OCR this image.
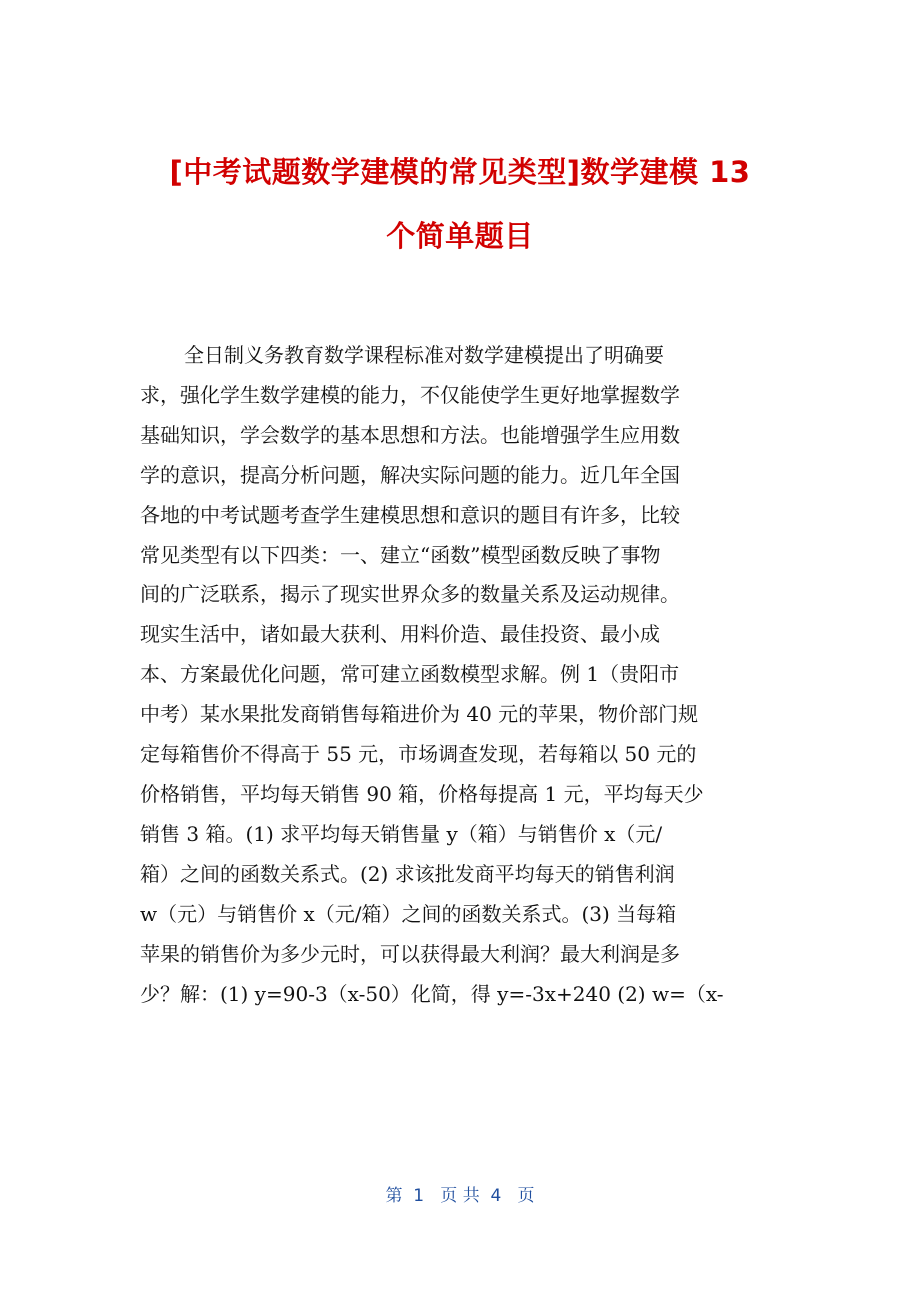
[中考试题数学建模的常见类型]数学建模 13
个简单题目
全日制义务教育数学课程标准对数学建模提出了明确要
求，强化学生数学建模的能力，不仅能使学生更好地掌握数学
基础知识，学会数学的基本思想和方法。也能增强学生应用数
学的意识，提高分析问题，解决实际问题的能力。近几年全国
各地的中考试题考查学生建模思想和意识的题目有许多，比较
常见类型有以下四类：一、建立“函数”模型函数反映了事物
间的广泛联系，揭示了现实世界众多的数量关系及运动规律。
现实生活中，诸如最大获利、用料价造、最佳投资、最小成
本、方案最优化问题，常可建立函数模型求解。例 1（贵阳市
中考）某水果批发商销售每箱进价为 40 元的苹果，物价部门规
定每箱售价不得高于 55 元，市场调查发现，若每箱以 50 元的
价格销售，平均每天销售 90 箱，价格每提高 1 元，平均每天少
销售 3 箱。(1) 求平均每天销售量 y（箱）与销售价 x（元/
箱）之间的函数关系式。(2) 求该批发商平均每天的销售利润
w（元）与销售价 x（元/箱）之间的函数关系式。(3) 当每箱
苹果的销售价为多少元时，可以获得最大利润？最大利润是多
少？解：(1) y=90-3（x-50）化简，得 y=-3x+240 (2) w=（x-
第  1   页 共  4   页
